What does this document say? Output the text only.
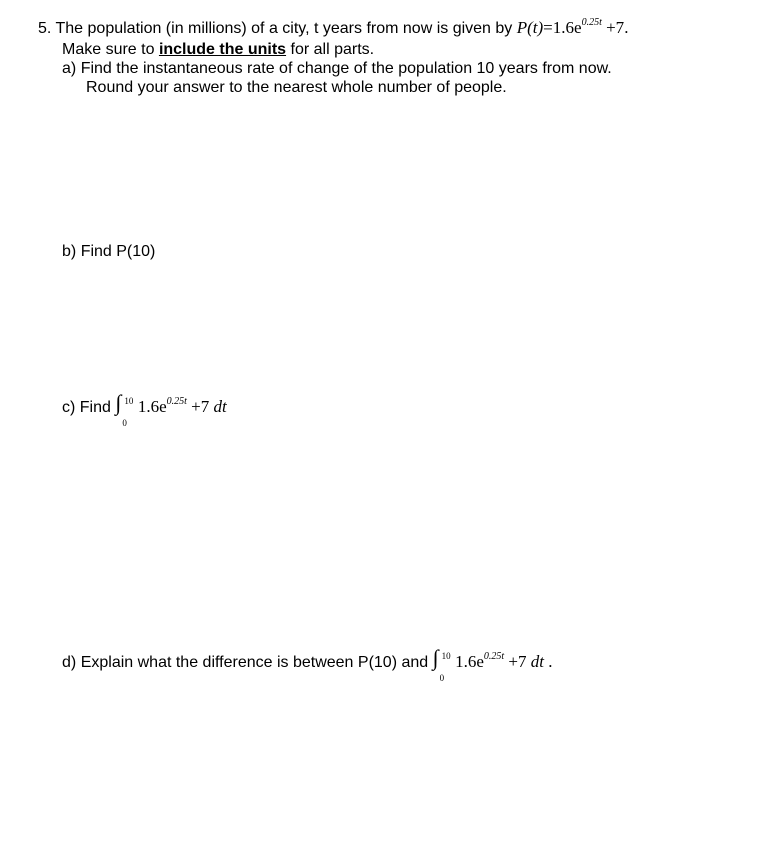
5. The population (in millions) of a city, t years from now is given by $P(t)=1.6e^{0.25t} +7$.
Make sure to include the units for all parts.
a) Find the instantaneous rate of change of the population 10 years from now.
Round your answer to the nearest whole number of people.
b) Find P(10)
c) Find ∫ 10
0
$1.6e^{0.25t} +7$ dt
d) Explain what the difference is between P(10) and ∫ 10
0
$1.6e^{0.25t} +7$ dt .
